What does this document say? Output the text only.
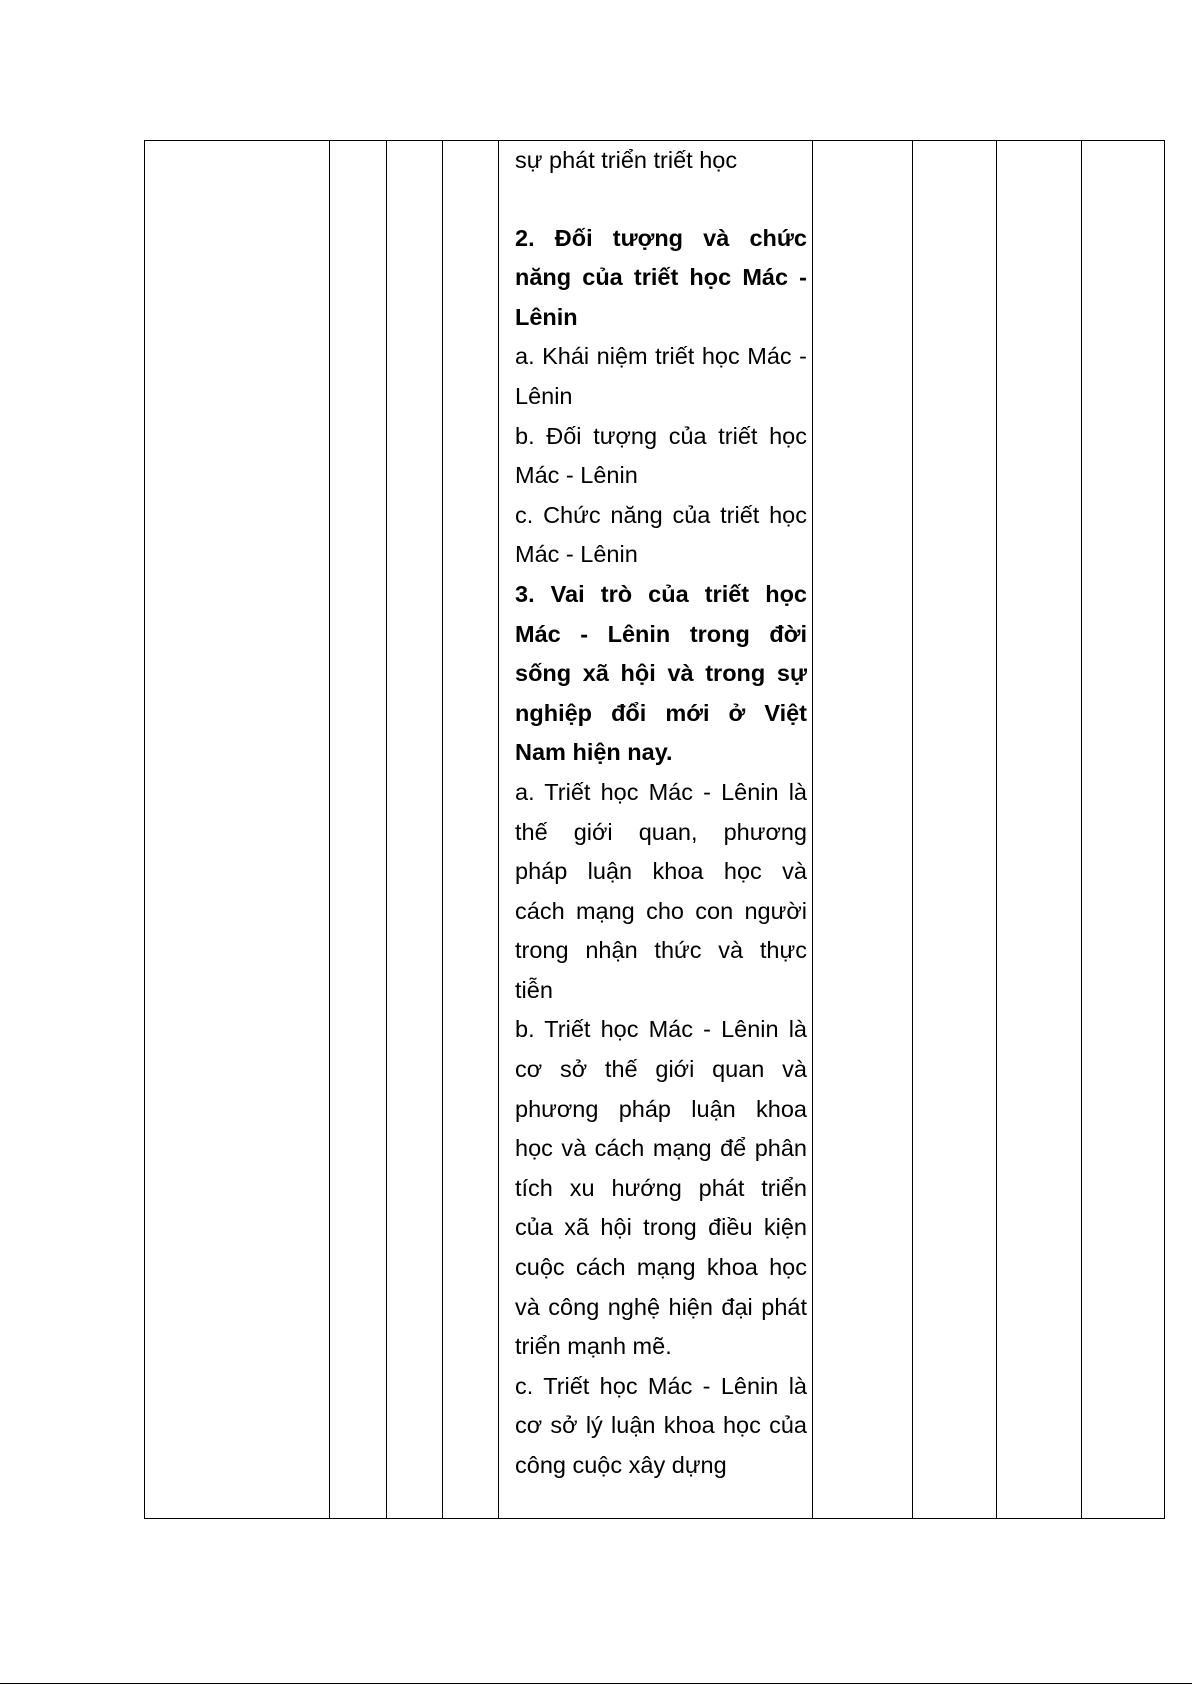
sự phát triển triết học

2. Đối tượng và chức năng của triết học Mác - Lênin

a. Khái niệm triết học Mác - Lênin

b. Đối tượng của triết học Mác - Lênin

c. Chức năng của triết học Mác - Lênin

3. Vai trò của triết học Mác - Lênin trong đời sống xã hội và trong sự nghiệp đổi mới ở Việt Nam hiện nay.

a. Triết học Mác - Lênin là thế giới quan, phương pháp luận khoa học và cách mạng cho con người trong nhận thức và thực tiễn

b. Triết học Mác - Lênin là cơ sở thế giới quan và phương pháp luận khoa học và cách mạng để phân tích xu hướng phát triển của xã hội trong điều kiện cuộc cách mạng khoa học và công nghệ hiện đại phát triển mạnh mẽ.

c. Triết học Mác - Lênin là cơ sở lý luận khoa học của công cuộc xây dựng
